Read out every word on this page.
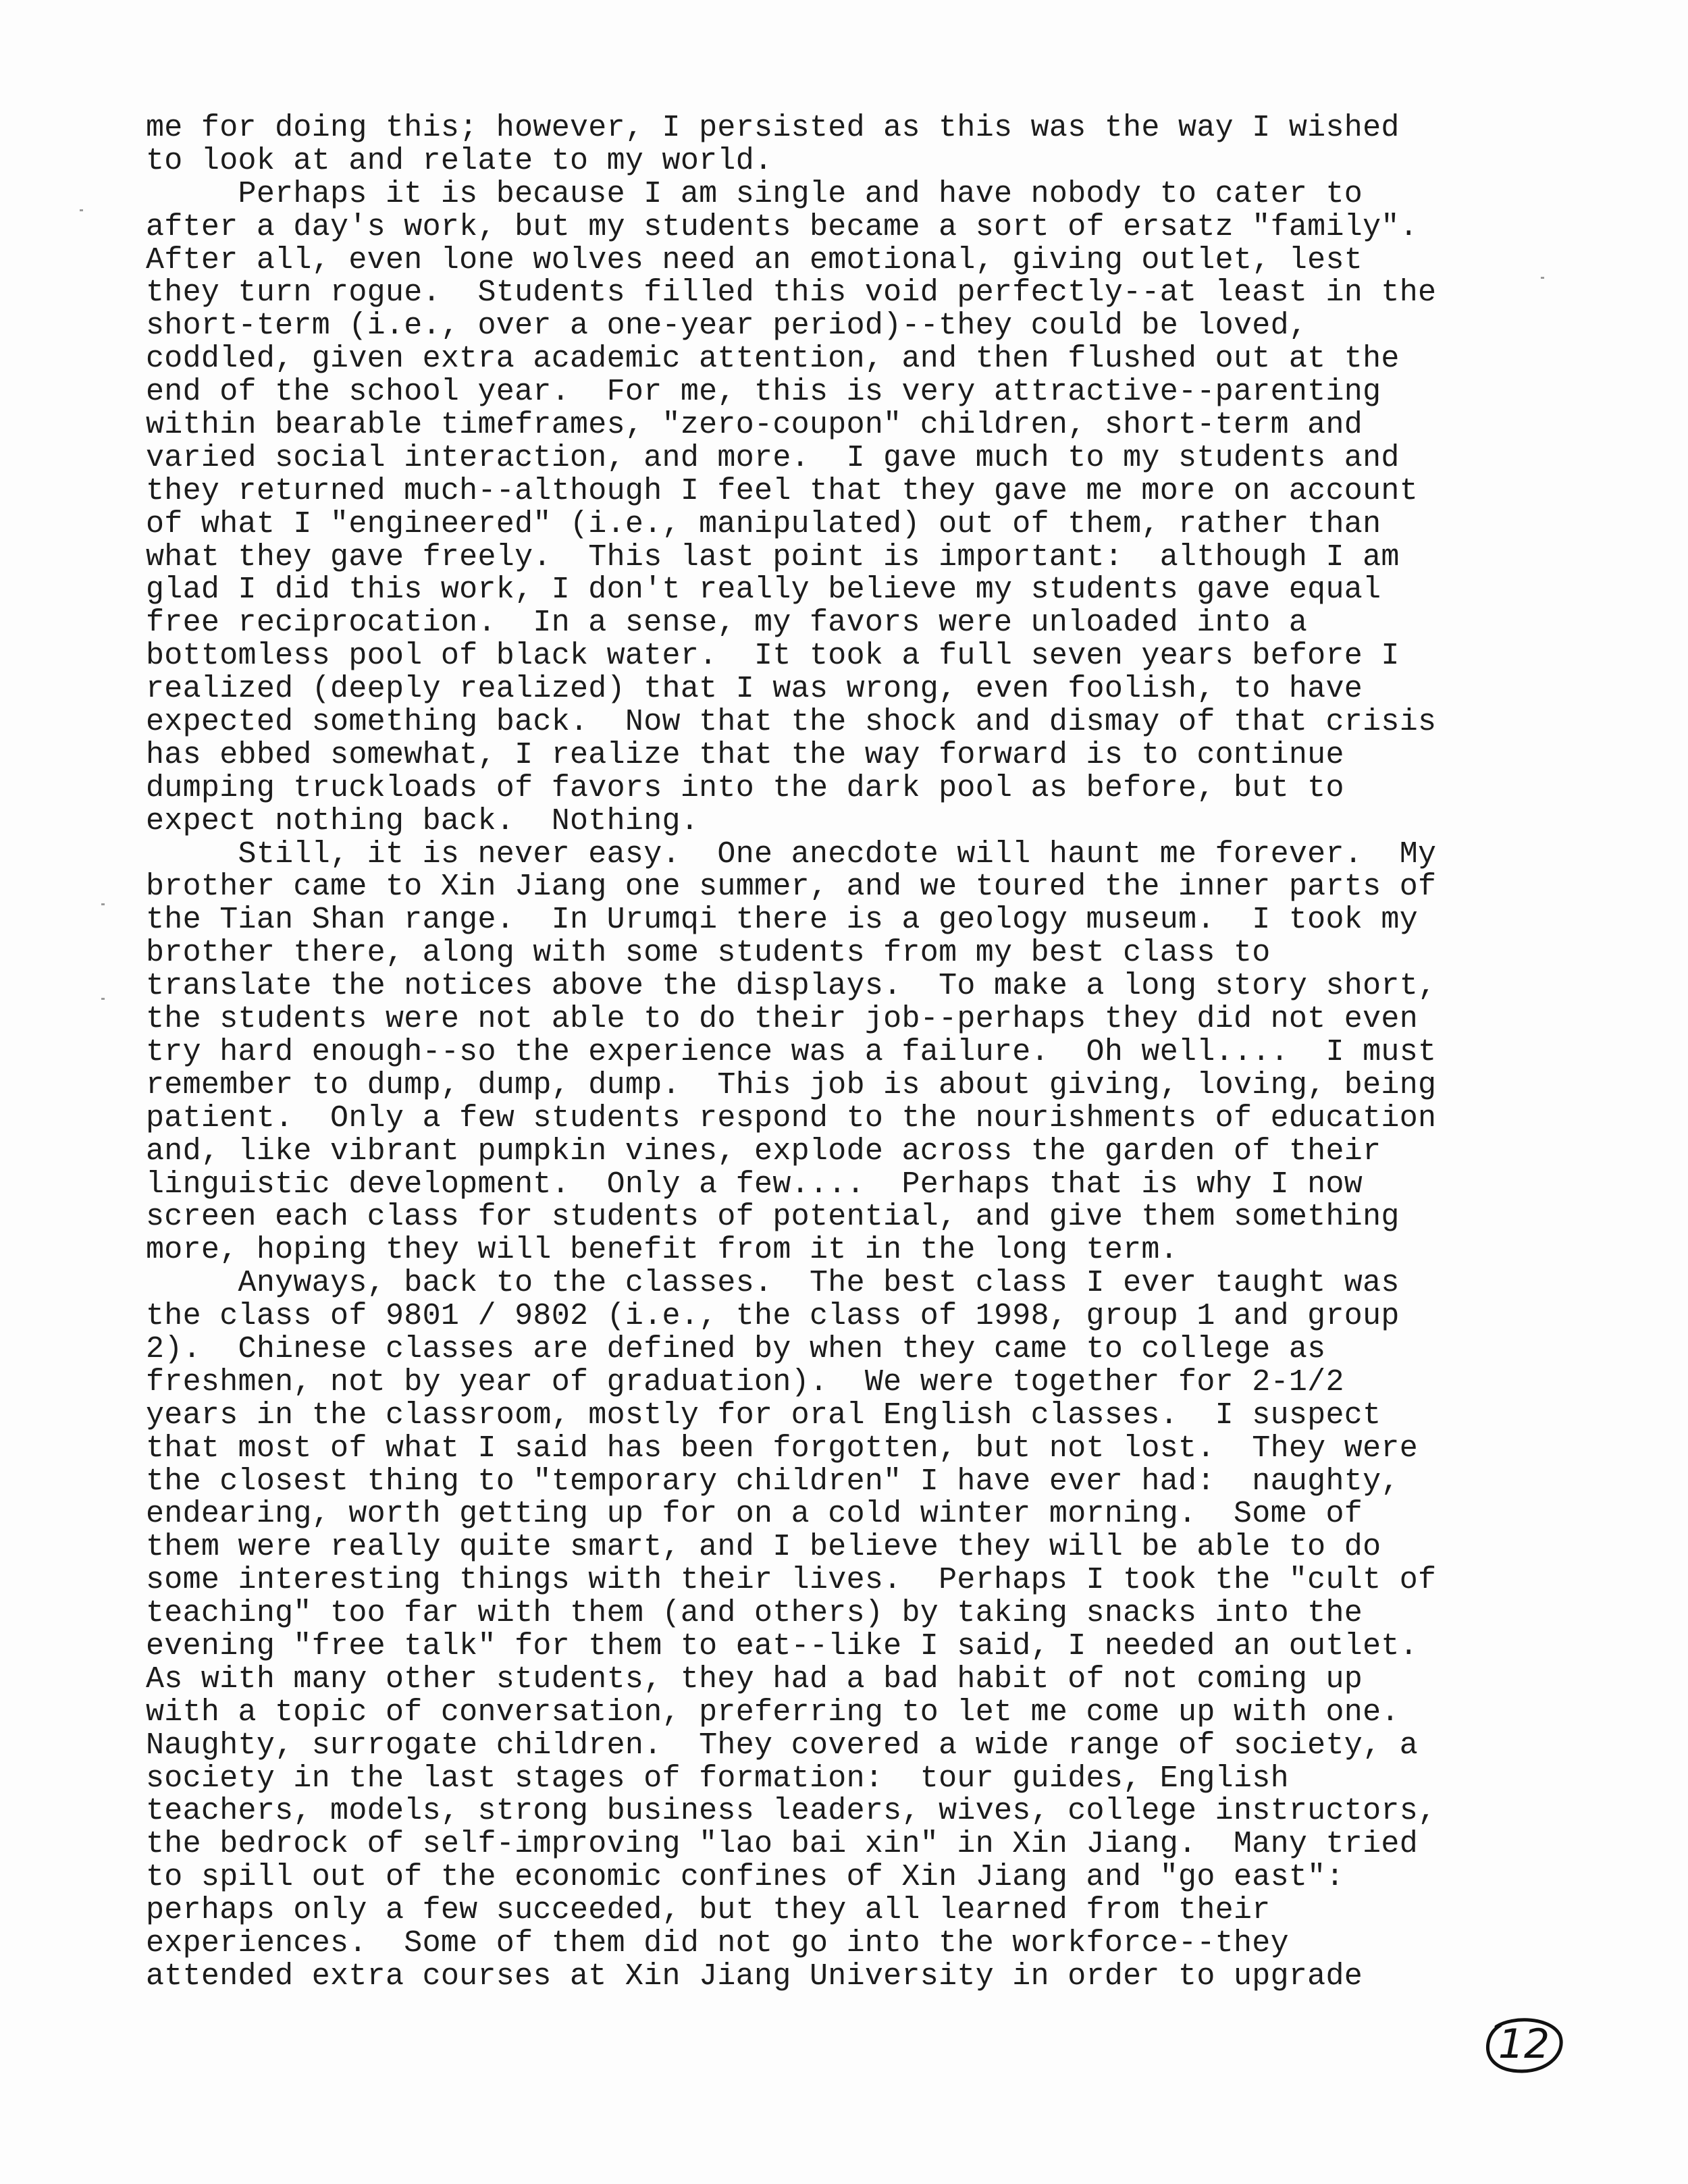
me for doing this; however, I persisted as this was the way I wished
to look at and relate to my world.
Perhaps it is because I am single and have nobody to cater to
after a day's work, but my students became a sort of ersatz "family".
After all, even lone wolves need an emotional, giving outlet, lest
they turn rogue.  Students filled this void perfectly--at least in the
short-term (i.e., over a one-year period)--they could be loved,
coddled, given extra academic attention, and then flushed out at the
end of the school year.  For me, this is very attractive--parenting
within bearable timeframes, "zero-coupon" children, short-term and
varied social interaction, and more.  I gave much to my students and
they returned much--although I feel that they gave me more on account
of what I "engineered" (i.e., manipulated) out of them, rather than
what they gave freely.  This last point is important:  although I am
glad I did this work, I don't really believe my students gave equal
free reciprocation.  In a sense, my favors were unloaded into a
bottomless pool of black water.  It took a full seven years before I
realized (deeply realized) that I was wrong, even foolish, to have
expected something back.  Now that the shock and dismay of that crisis
has ebbed somewhat, I realize that the way forward is to continue
dumping truckloads of favors into the dark pool as before, but to
expect nothing back.  Nothing.
Still, it is never easy.  One anecdote will haunt me forever.  My
brother came to Xin Jiang one summer, and we toured the inner parts of
the Tian Shan range.  In Urumqi there is a geology museum.  I took my
brother there, along with some students from my best class to
translate the notices above the displays.  To make a long story short,
the students were not able to do their job--perhaps they did not even
try hard enough--so the experience was a failure.  Oh well....  I must
remember to dump, dump, dump.  This job is about giving, loving, being
patient.  Only a few students respond to the nourishments of education
and, like vibrant pumpkin vines, explode across the garden of their
linguistic development.  Only a few....  Perhaps that is why I now
screen each class for students of potential, and give them something
more, hoping they will benefit from it in the long term.
Anyways, back to the classes.  The best class I ever taught was
the class of 9801 / 9802 (i.e., the class of 1998, group 1 and group
2).  Chinese classes are defined by when they came to college as
freshmen, not by year of graduation).  We were together for 2-1/2
years in the classroom, mostly for oral English classes.  I suspect
that most of what I said has been forgotten, but not lost.  They were
the closest thing to "temporary children" I have ever had:  naughty,
endearing, worth getting up for on a cold winter morning.  Some of
them were really quite smart, and I believe they will be able to do
some interesting things with their lives.  Perhaps I took the "cult of
teaching" too far with them (and others) by taking snacks into the
evening "free talk" for them to eat--like I said, I needed an outlet.
As with many other students, they had a bad habit of not coming up
with a topic of conversation, preferring to let me come up with one.
Naughty, surrogate children.  They covered a wide range of society, a
society in the last stages of formation:  tour guides, English
teachers, models, strong business leaders, wives, college instructors,
the bedrock of self-improving "lao bai xin" in Xin Jiang.  Many tried
to spill out of the economic confines of Xin Jiang and "go east":
perhaps only a few succeeded, but they all learned from their
experiences.  Some of them did not go into the workforce--they
attended extra courses at Xin Jiang University in order to upgrade
12
